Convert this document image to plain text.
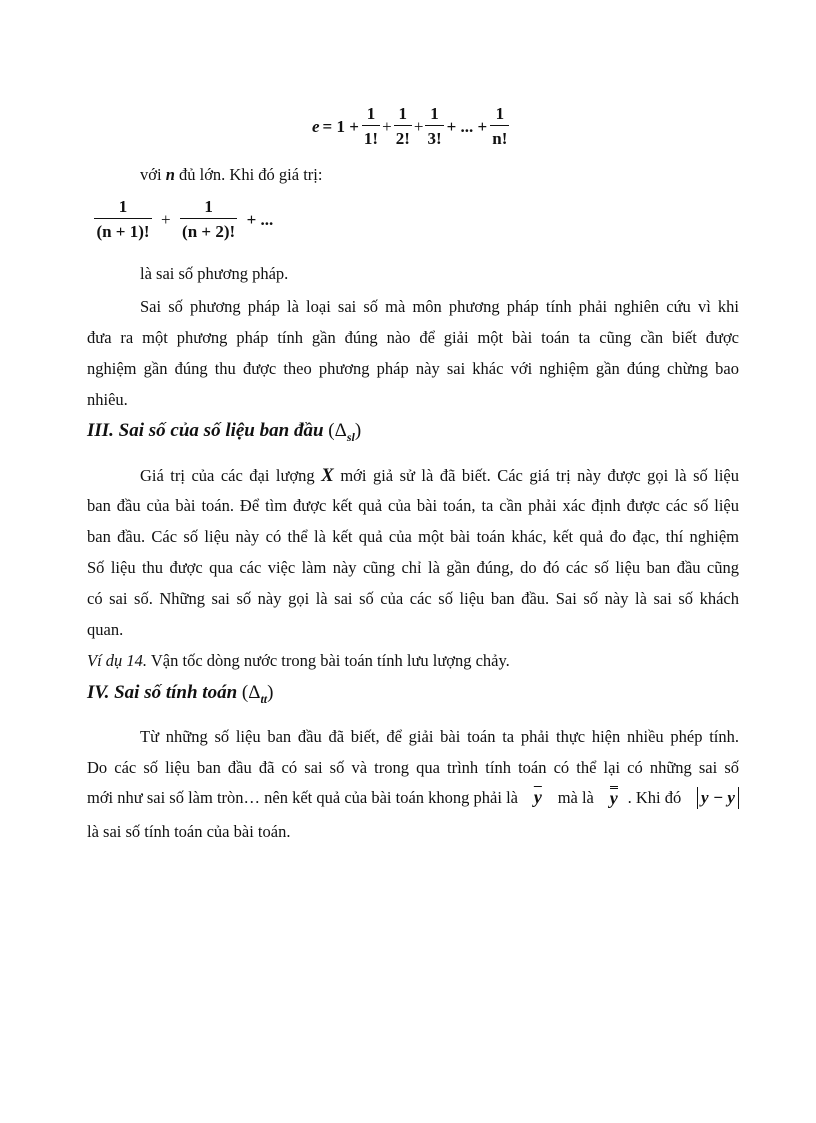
$e = 1 + \frac{1}{1!} + \frac{1}{2!} + \frac{1}{3!}$ + ... + $\frac{1}{n!}$
với n đủ lớn. Khi đó giá trị:
$\frac{1}{(n + 1)!} + \frac{1}{(n + 2)!}$ + ...
là sai số phương pháp.
Sai số phương pháp là loại sai số mà môn phương pháp tính phải nghiên cứu vì khi
đưa ra một phương pháp tính gần đúng nào để giải một bài toán ta cũng cần biết được
nghiệm gần đúng thu được theo phương pháp này sai khác với nghiệm gần đúng chừng bao
nhiêu.
III. Sai số của số liệu ban đầu $(\Delta_{sl})$
Giá trị của các đại lượng X mới giả sử là đã biết. Các giá trị này được gọi là số liệu
ban đầu của bài toán. Để tìm được kết quả của bài toán, ta cần phải xác định được các số liệu
ban đầu. Các số liệu này có thể là kết quả của một bài toán khác, kết quả đo đạc, thí nghiệm
Số liệu thu được qua các việc làm này cũng chỉ là gần đúng, do đó các số liệu ban đầu cũng
có sai số. Những sai số này gọi là sai số của các số liệu ban đầu. Sai số này là sai số khách
quan.
Ví dụ 14. Vận tốc dòng nước trong bài toán tính lưu lượng chảy.
IV. Sai số tính toán $(\Delta_{tt})$
Từ những số liệu ban đầu đã biết, để giải bài toán ta phải thực hiện nhiều phép tính.
Do các số liệu ban đầu đã có sai số và trong qua trình tính toán có thể lại có những sai số
mới như sai số làm tròn… nên kết quả của bài toán khong phải là $\overline{y}$ mà là y . Khi đó y − y
là sai số tính toán của bài toán.
